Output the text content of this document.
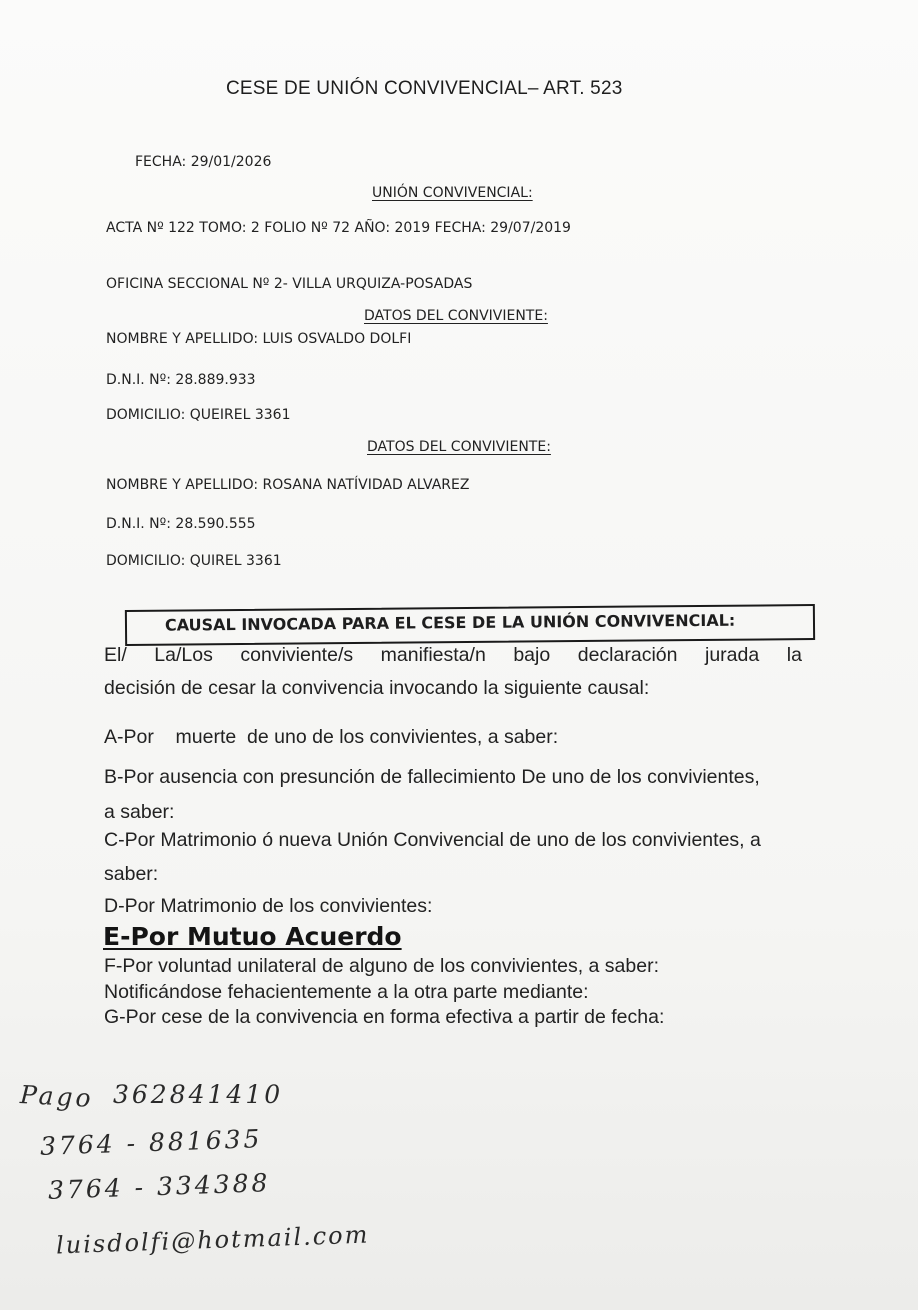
CESE DE UNIÓN CONVIVENCIAL– ART. 523
FECHA: 29/01/2026
UNIÓN CONVIVENCIAL:
ACTA Nº 122 TOMO: 2 FOLIO Nº 72 AÑO: 2019 FECHA: 29/07/2019
OFICINA SECCIONAL Nº 2- VILLA URQUIZA-POSADAS
DATOS DEL CONVIVIENTE:
NOMBRE Y APELLIDO: LUIS OSVALDO DOLFI
D.N.I. Nº: 28.889.933
DOMICILIO: QUEIREL 3361
DATOS DEL CONVIVIENTE:
NOMBRE Y APELLIDO: ROSANA NATÍVIDAD ALVAREZ
D.N.I. Nº: 28.590.555
DOMICILIO: QUIREL 3361
CAUSAL INVOCADA PARA EL CESE DE LA UNIÓN CONVIVENCIAL:
El/ La/Los conviviente/s manifiesta/n bajo declaración jurada la
decisión de cesar la convivencia invocando la siguiente causal:
A-Por    muerte  de uno de los convivientes, a saber:
B-Por ausencia con presunción de fallecimiento De uno de los convivientes,
a saber:
C-Por Matrimonio ó nueva Unión Convivencial de uno de los convivientes, a
saber:
D-Por Matrimonio de los convivientes:
E-Por Mutuo Acuerdo
F-Por voluntad unilateral de alguno de los convivientes, a saber:
Notificándose fehacientemente a la otra parte mediante:
G-Por cese de la convivencia en forma efectiva a partir de fecha:
Pago 362841410
3764 - 881635
3764 - 334388
luisdolfi@hotmail.com
